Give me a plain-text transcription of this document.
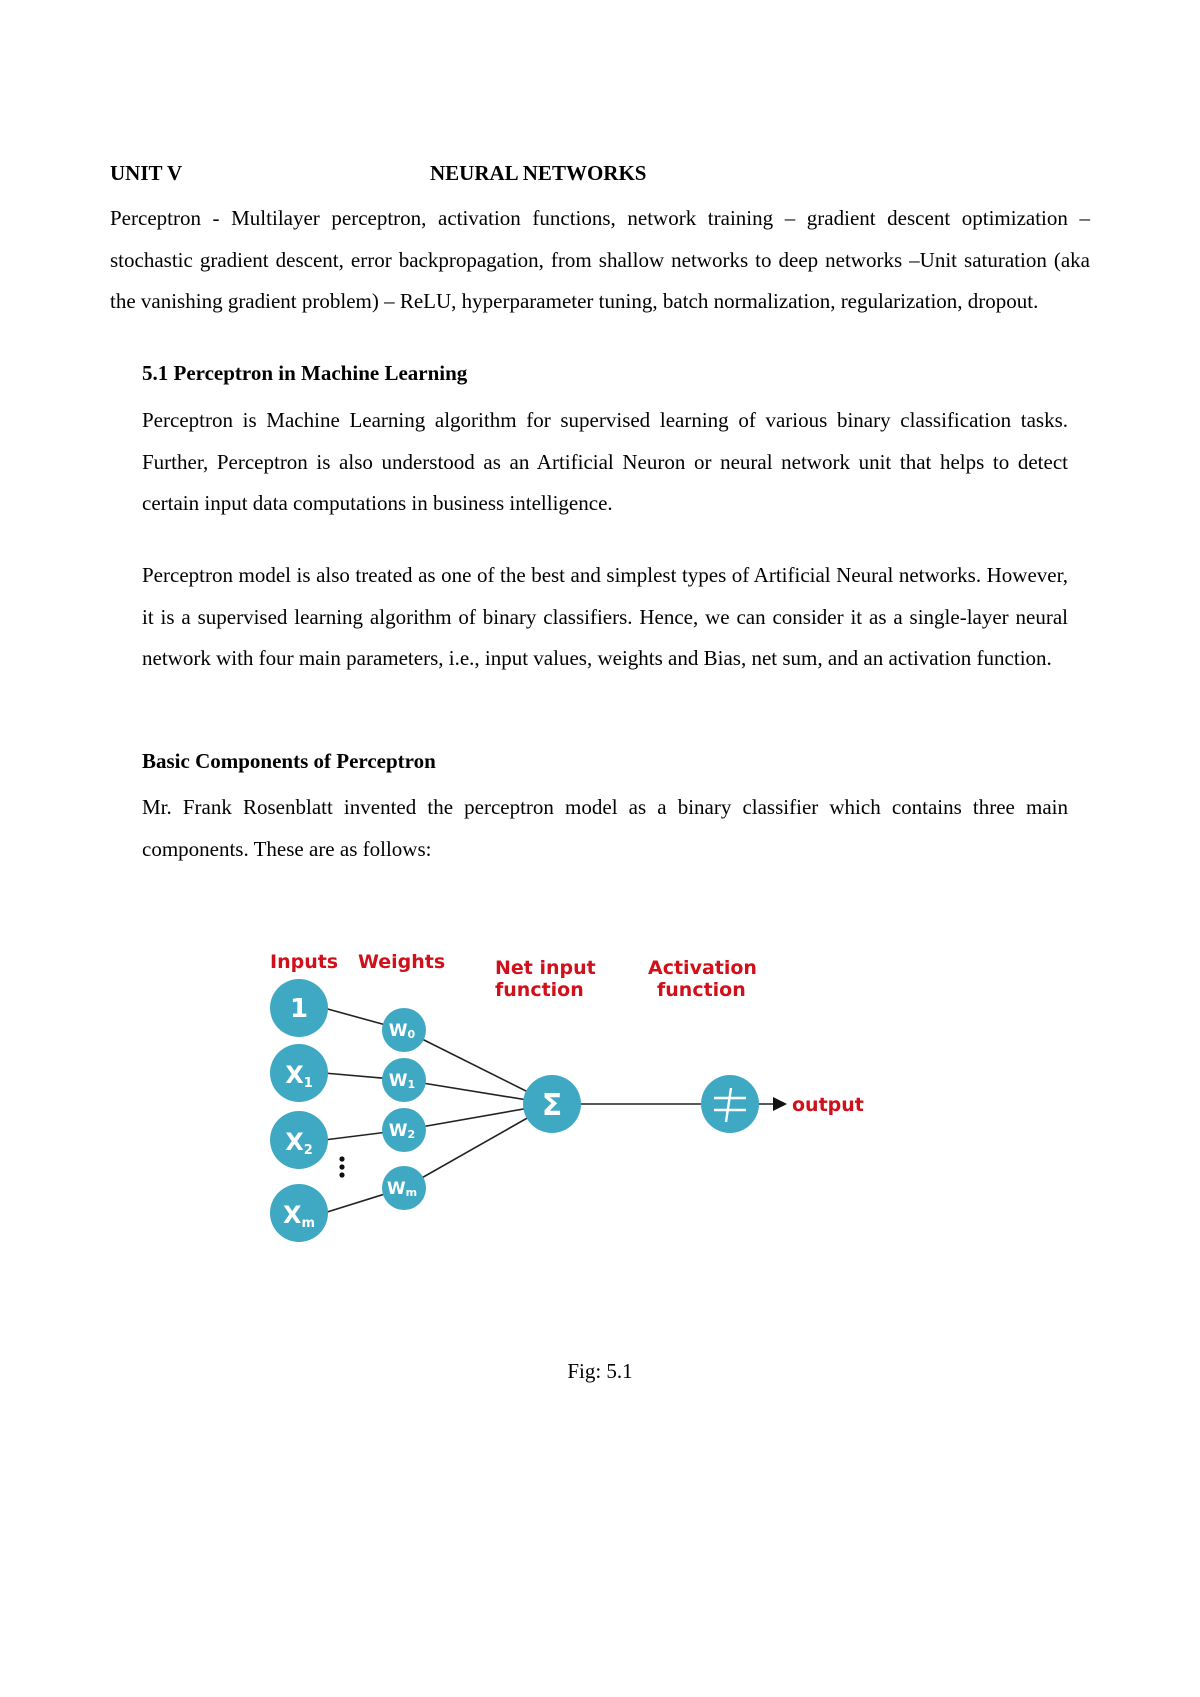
UNIT V	NEURAL NETWORKS

Perceptron - Multilayer perceptron, activation functions, network training – gradient descent optimization – stochastic gradient descent, error backpropagation, from shallow networks to deep networks –Unit saturation (aka the vanishing gradient problem) – ReLU, hyperparameter tuning, batch normalization, regularization, dropout.

5.1 Perceptron in Machine Learning

Perceptron is Machine Learning algorithm for supervised learning of various binary classification tasks. Further, Perceptron is also understood as an Artificial Neuron or neural network unit that helps to detect certain input data computations in business intelligence.

Perceptron model is also treated as one of the best and simplest types of Artificial Neural networks. However, it is a supervised learning algorithm of binary classifiers. Hence, we can consider it as a single-layer neural network with four main parameters, i.e., input values, weights and Bias, net sum, and an activation function.

Basic Components of Perceptron

Mr. Frank Rosenblatt invented the perceptron model as a binary classifier which contains three main components. These are as follows:

Inputs Weights	Net input
function
Activation
function
output
1
X1
X2
Xm
W0
W1
W2
Wm
Σ
Fig: 5.1
